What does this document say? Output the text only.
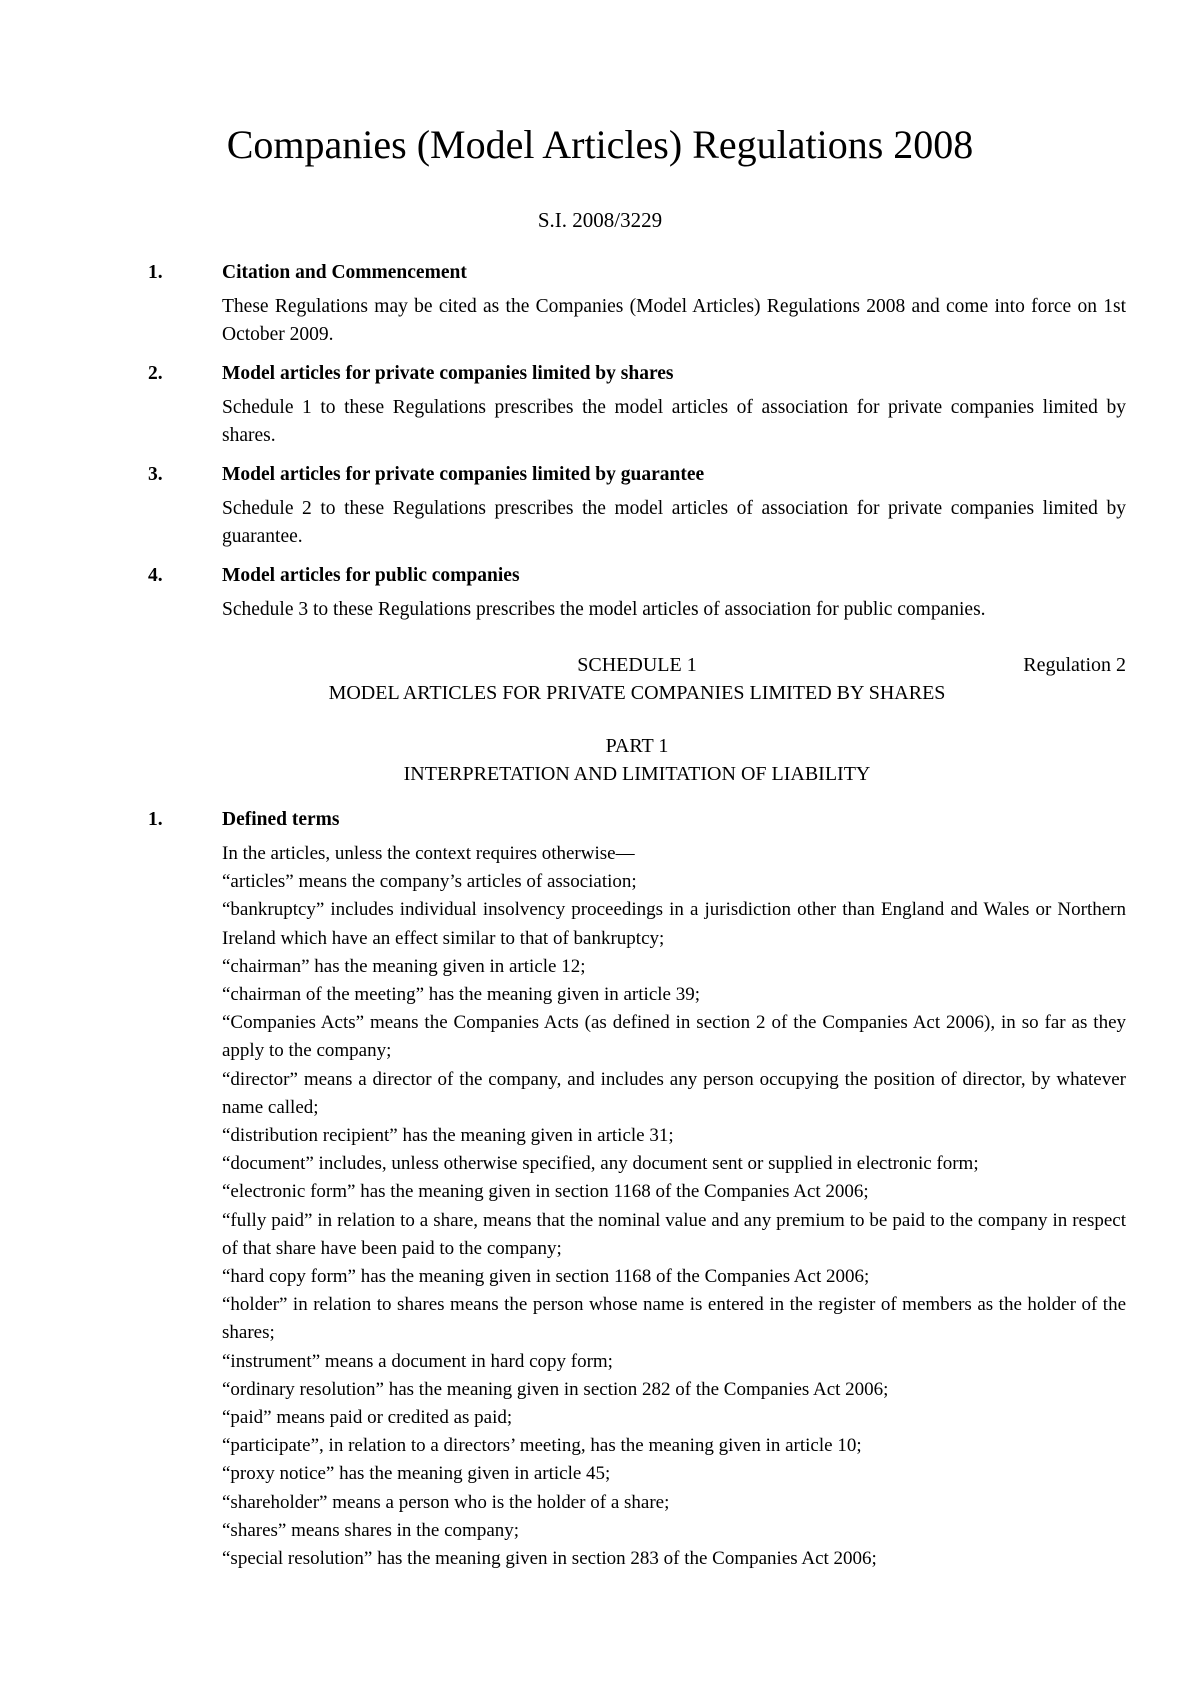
Companies (Model Articles) Regulations 2008
S.I. 2008/3229
1.	Citation and Commencement
These Regulations may be cited as the Companies (Model Articles) Regulations 2008 and come into force on 1st October 2009.
2.	Model articles for private companies limited by shares
Schedule 1 to these Regulations prescribes the model articles of association for private companies limited by shares.
3.	Model articles for private companies limited by guarantee
Schedule 2 to these Regulations prescribes the model articles of association for private companies limited by guarantee.
4.	Model articles for public companies
Schedule 3 to these Regulations prescribes the model articles of association for public companies.
SCHEDULE 1	Regulation 2
MODEL ARTICLES FOR PRIVATE COMPANIES LIMITED BY SHARES
PART 1
INTERPRETATION AND LIMITATION OF LIABILITY
1.	Defined terms

In the articles, unless the context requires otherwise—

“articles” means the company’s articles of association;

“bankruptcy” includes individual insolvency proceedings in a jurisdiction other than England and Wales or Northern Ireland which have an effect similar to that of bankruptcy;

“chairman” has the meaning given in article 12;

“chairman of the meeting” has the meaning given in article 39;

“Companies Acts” means the Companies Acts (as defined in section 2 of the Companies Act 2006), in so far as they apply to the company;

“director” means a director of the company, and includes any person occupying the position of director, by whatever name called;

“distribution recipient” has the meaning given in article 31;

“document” includes, unless otherwise specified, any document sent or supplied in electronic form;

“electronic form” has the meaning given in section 1168 of the Companies Act 2006;

“fully paid” in relation to a share, means that the nominal value and any premium to be paid to the company in respect of that share have been paid to the company;

“hard copy form” has the meaning given in section 1168 of the Companies Act 2006;

“holder” in relation to shares means the person whose name is entered in the register of members as the holder of the shares;

“instrument” means a document in hard copy form;

“ordinary resolution” has the meaning given in section 282 of the Companies Act 2006;

“paid” means paid or credited as paid;

“participate”, in relation to a directors’ meeting, has the meaning given in article 10;

“proxy notice” has the meaning given in article 45;

“shareholder” means a person who is the holder of a share;

“shares” means shares in the company;

“special resolution” has the meaning given in section 283 of the Companies Act 2006;
